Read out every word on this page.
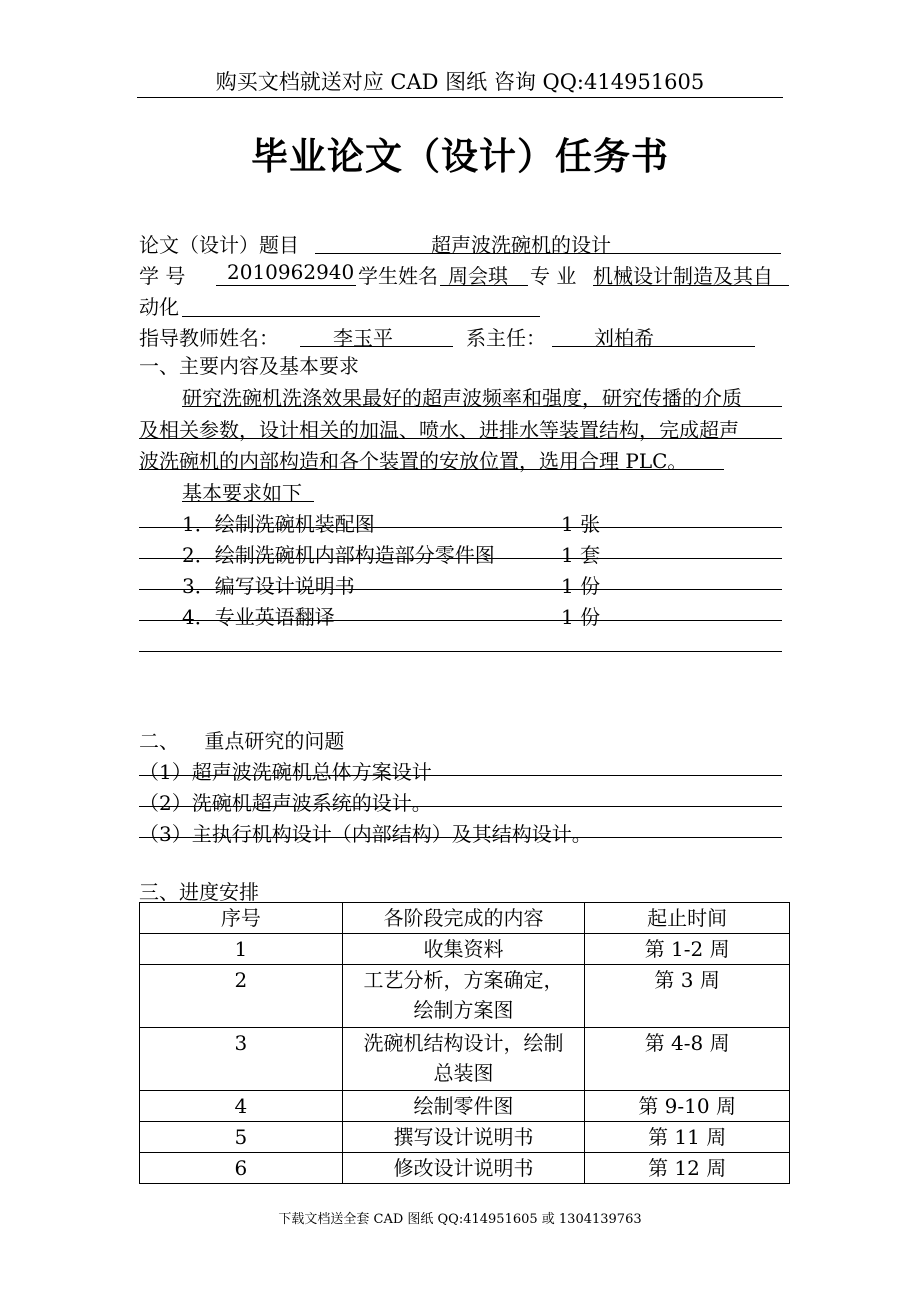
购买文档就送对应 CAD 图纸 咨询 QQ:414951605
毕业论文（设计）任务书
论文（设计）题目	超声波洗碗机的设计
学 号 2010962940 学生姓名 周会琪 专 业 机械设计制造及其自
动化
指导教师姓名：	李玉平	系主任： 刘柏希
一、主要内容及基本要求
研究洗碗机洗涤效果最好的超声波频率和强度，研究传播的介质
及相关参数，设计相关的加温、喷水、进排水等装置结构，完成超声
波洗碗机的内部构造和各个装置的安放位置，选用合理 PLC。
基本要求如下
1．绘制洗碗机装配图	1 张
2．绘制洗碗机内部构造部分零件图	1 套
3．编写设计说明书	1 份
4．专业英语翻译	1 份
二、    重点研究的问题
（1）超声波洗碗机总体方案设计
（2）洗碗机超声波系统的设计。
（3）主执行机构设计（内部结构）及其结构设计。
三、进度安排
序号	各阶段完成的内容	起止时间
1	收集资料	第 1-2 周
2	工艺分析，方案确定，
绘制方案图	第 3 周
3	洗碗机结构设计，绘制
总装图	第 4-8 周
4	绘制零件图	第 9-10 周
5	撰写设计说明书	第 11 周
6	修改设计说明书	第 12 周
下载文档送全套 CAD 图纸 QQ:414951605 或 1304139763
